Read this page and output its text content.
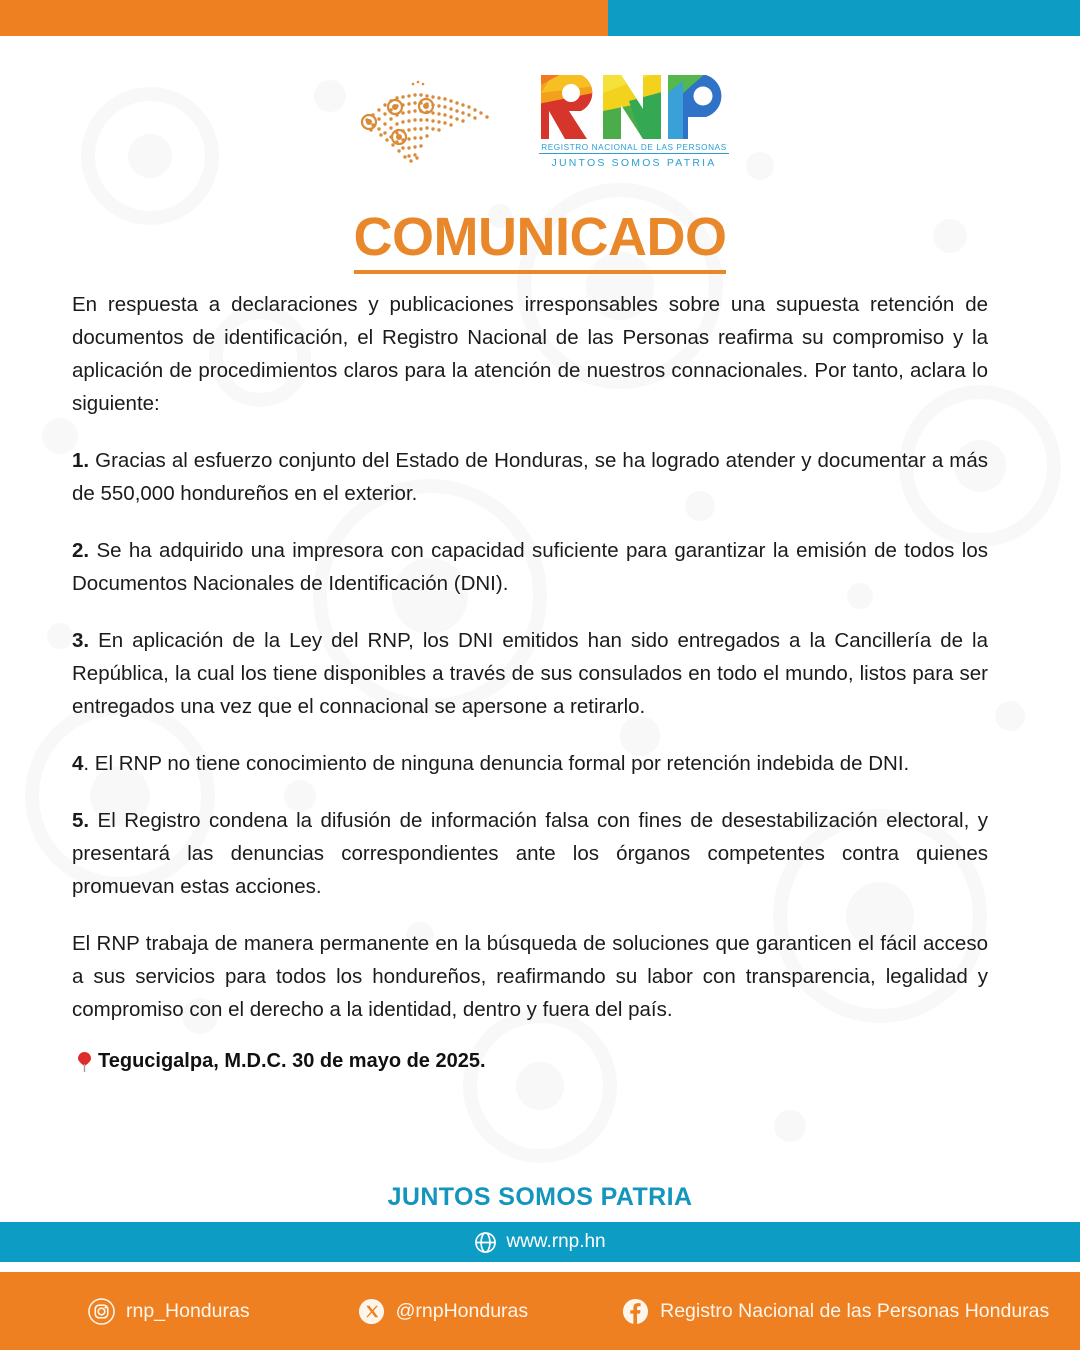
REGISTRO NACIONAL DE LAS PERSONAS
JUNTOS SOMOS PATRIA
COMUNICADO

En respuesta a declaraciones y publicaciones irresponsables sobre una supuesta retención de documentos de identificación, el Registro Nacional de las Personas reafirma su compromiso y la aplicación de procedimientos claros para la atención de nuestros connacionales. Por tanto, aclara lo siguiente:

1. Gracias al esfuerzo conjunto del Estado de Honduras, se ha logrado atender y documentar a más de 550,000 hondureños en el exterior.

2. Se ha adquirido una impresora con capacidad suficiente para garantizar la emisión de todos los Documentos Nacionales de Identificación (DNI).

3. En aplicación de la Ley del RNP, los DNI emitidos han sido entregados a la Cancillería de la República, la cual los tiene disponibles a través de sus consulados en todo el mundo, listos para ser entregados una vez que el connacional se apersone a retirarlo.

4. El RNP no tiene conocimiento de ninguna denuncia formal por retención indebida de DNI.

5. El Registro condena la difusión de información falsa con fines de desestabilización electoral, y presentará las denuncias correspondientes ante los órganos competentes contra quienes promuevan estas acciones.

El RNP trabaja de manera permanente en la búsqueda de soluciones que garanticen el fácil acceso a sus servicios para todos los hondureños, reafirmando su labor con transparencia, legalidad y compromiso con el derecho a la identidad, dentro y fuera del país.

Tegucigalpa, M.D.C. 30 de mayo de 2025.
JUNTOS SOMOS PATRIA
www.rnp.hn
rnp_Honduras	@rnpHonduras	Registro Nacional de las Personas Honduras
